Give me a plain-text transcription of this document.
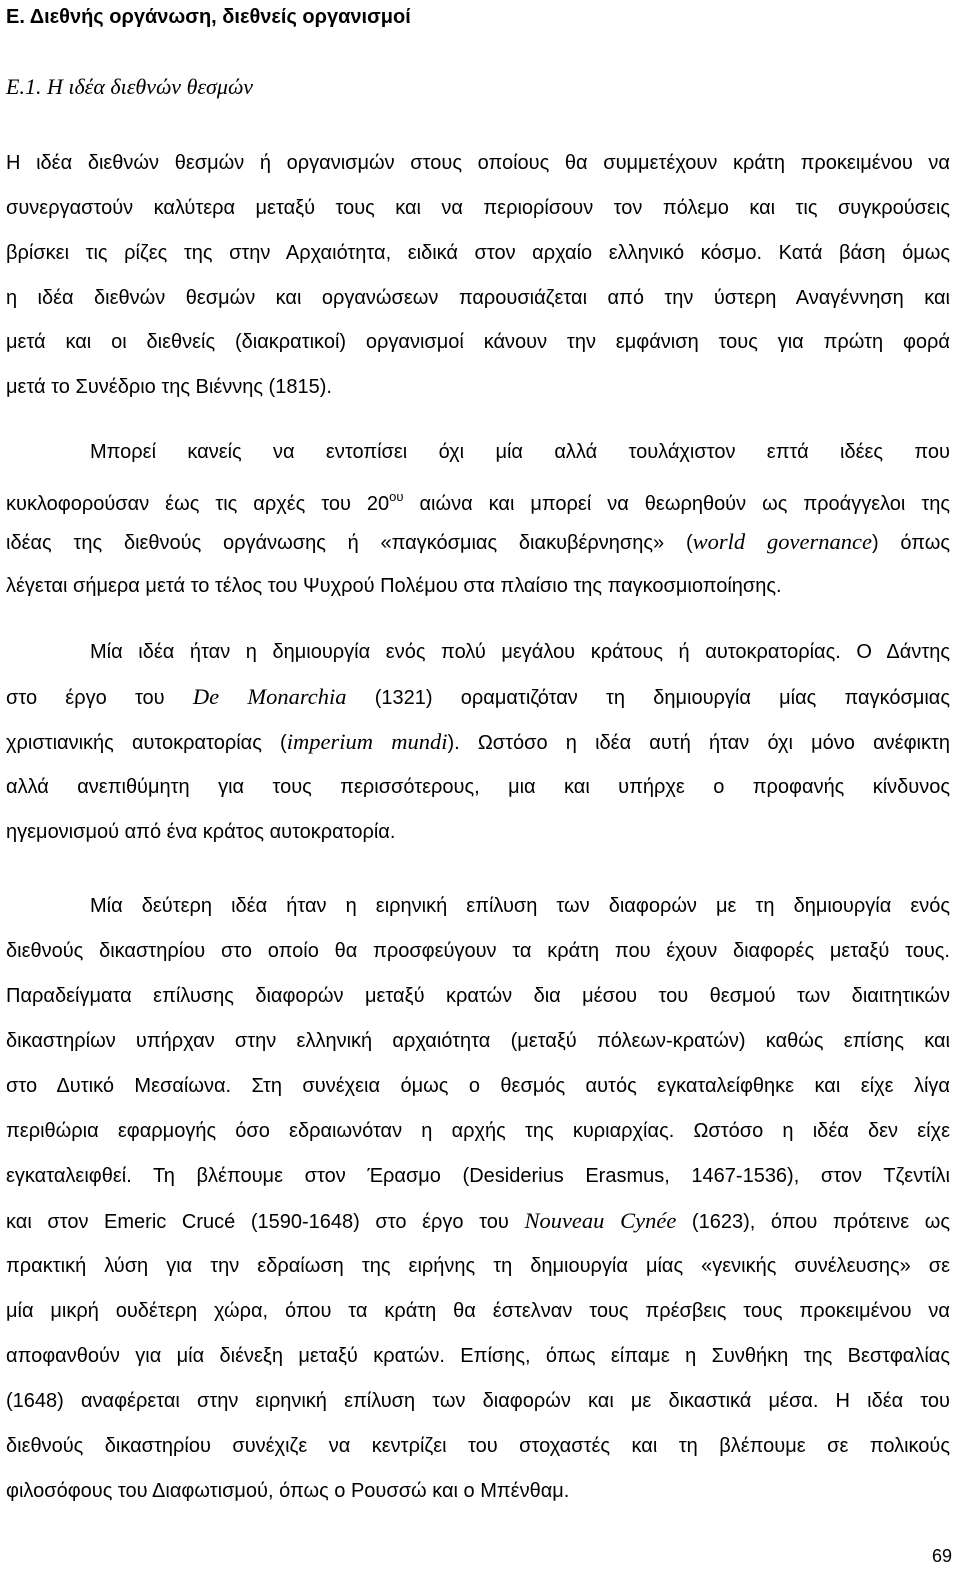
Ε. Διεθνής οργάνωση, διεθνείς οργανισμοί
Ε.1. Η ιδέα διεθνών θεσμών
Η ιδέα διεθνών θεσμών ή οργανισμών στους οποίους θα συμμετέχουν κράτη προκειμένου να
συνεργαστούν καλύτερα μεταξύ τους και να περιορίσουν τον πόλεμο και τις συγκρούσεις
βρίσκει τις ρίζες της στην Αρχαιότητα, ειδικά στον αρχαίο ελληνικό κόσμο. Κατά βάση όμως
η ιδέα διεθνών θεσμών και οργανώσεων παρουσιάζεται από την ύστερη Αναγέννηση και
μετά και οι διεθνείς (διακρατικοί) οργανισμοί κάνουν την εμφάνιση τους για πρώτη φορά
μετά το Συνέδριο της Βιέννης (1815).
Μπορεί κανείς να εντοπίσει όχι μία αλλά τουλάχιστον επτά ιδέες που
κυκλοφορούσαν έως τις αρχές του $20^{o\upsilon}$ αιώνα και μπορεί να θεωρηθούν ως προάγγελοι της
ιδέας της διεθνούς οργάνωσης ή «παγκόσμιας διακυβέρνησης» (world governance) όπως
λέγεται σήμερα μετά το τέλος του Ψυχρού Πολέμου στα πλαίσιο της παγκοσμιοποίησης.
Μία ιδέα ήταν η δημιουργία ενός πολύ μεγάλου κράτους ή αυτοκρατορίας. Ο Δάντης
στο έργο του De Monarchia (1321) οραματιζόταν τη δημιουργία μίας παγκόσμιας
χριστιανικής αυτοκρατορίας (imperium mundi). Ωστόσο η ιδέα αυτή ήταν όχι μόνο ανέφικτη
αλλά ανεπιθύμητη για τους περισσότερους, μια και υπήρχε ο προφανής κίνδυνος
ηγεμονισμού από ένα κράτος αυτοκρατορία.
Μία δεύτερη ιδέα ήταν η ειρηνική επίλυση των διαφορών με τη δημιουργία ενός
διεθνούς δικαστηρίου στο οποίο θα προσφεύγουν τα κράτη που έχουν διαφορές μεταξύ τους.
Παραδείγματα επίλυσης διαφορών μεταξύ κρατών δια μέσου του θεσμού των διαιτητικών
δικαστηρίων υπήρχαν στην ελληνική αρχαιότητα (μεταξύ πόλεων-κρατών) καθώς επίσης και
στο Δυτικό Μεσαίωνα. Στη συνέχεια όμως ο θεσμός αυτός εγκαταλείφθηκε και είχε λίγα
περιθώρια εφαρμογής όσο εδραιωνόταν η αρχής της κυριαρχίας. Ωστόσο η ιδέα δεν είχε
εγκαταλειφθεί. Τη βλέπουμε στον Έρασμο (Desiderius Erasmus, 1467-1536), στον Τζεντίλι
και στον Emeric Crucé (1590-1648) στο έργο του Nouveau Cynée (1623), όπου πρότεινε ως
πρακτική λύση για την εδραίωση της ειρήνης τη δημιουργία μίας «γενικής συνέλευσης» σε
μία μικρή ουδέτερη χώρα, όπου τα κράτη θα έστελναν τους πρέσβεις τους προκειμένου να
αποφανθούν για μία διένεξη μεταξύ κρατών. Επίσης, όπως είπαμε η Συνθήκη της Βεστφαλίας
(1648) αναφέρεται στην ειρηνική επίλυση των διαφορών και με δικαστικά μέσα. Η ιδέα του
διεθνούς δικαστηρίου συνέχιζε να κεντρίζει του στοχαστές και τη βλέπουμε σε πολικούς
φιλοσόφους του Διαφωτισμού, όπως ο Ρουσσώ και ο Μπένθαμ.
69
